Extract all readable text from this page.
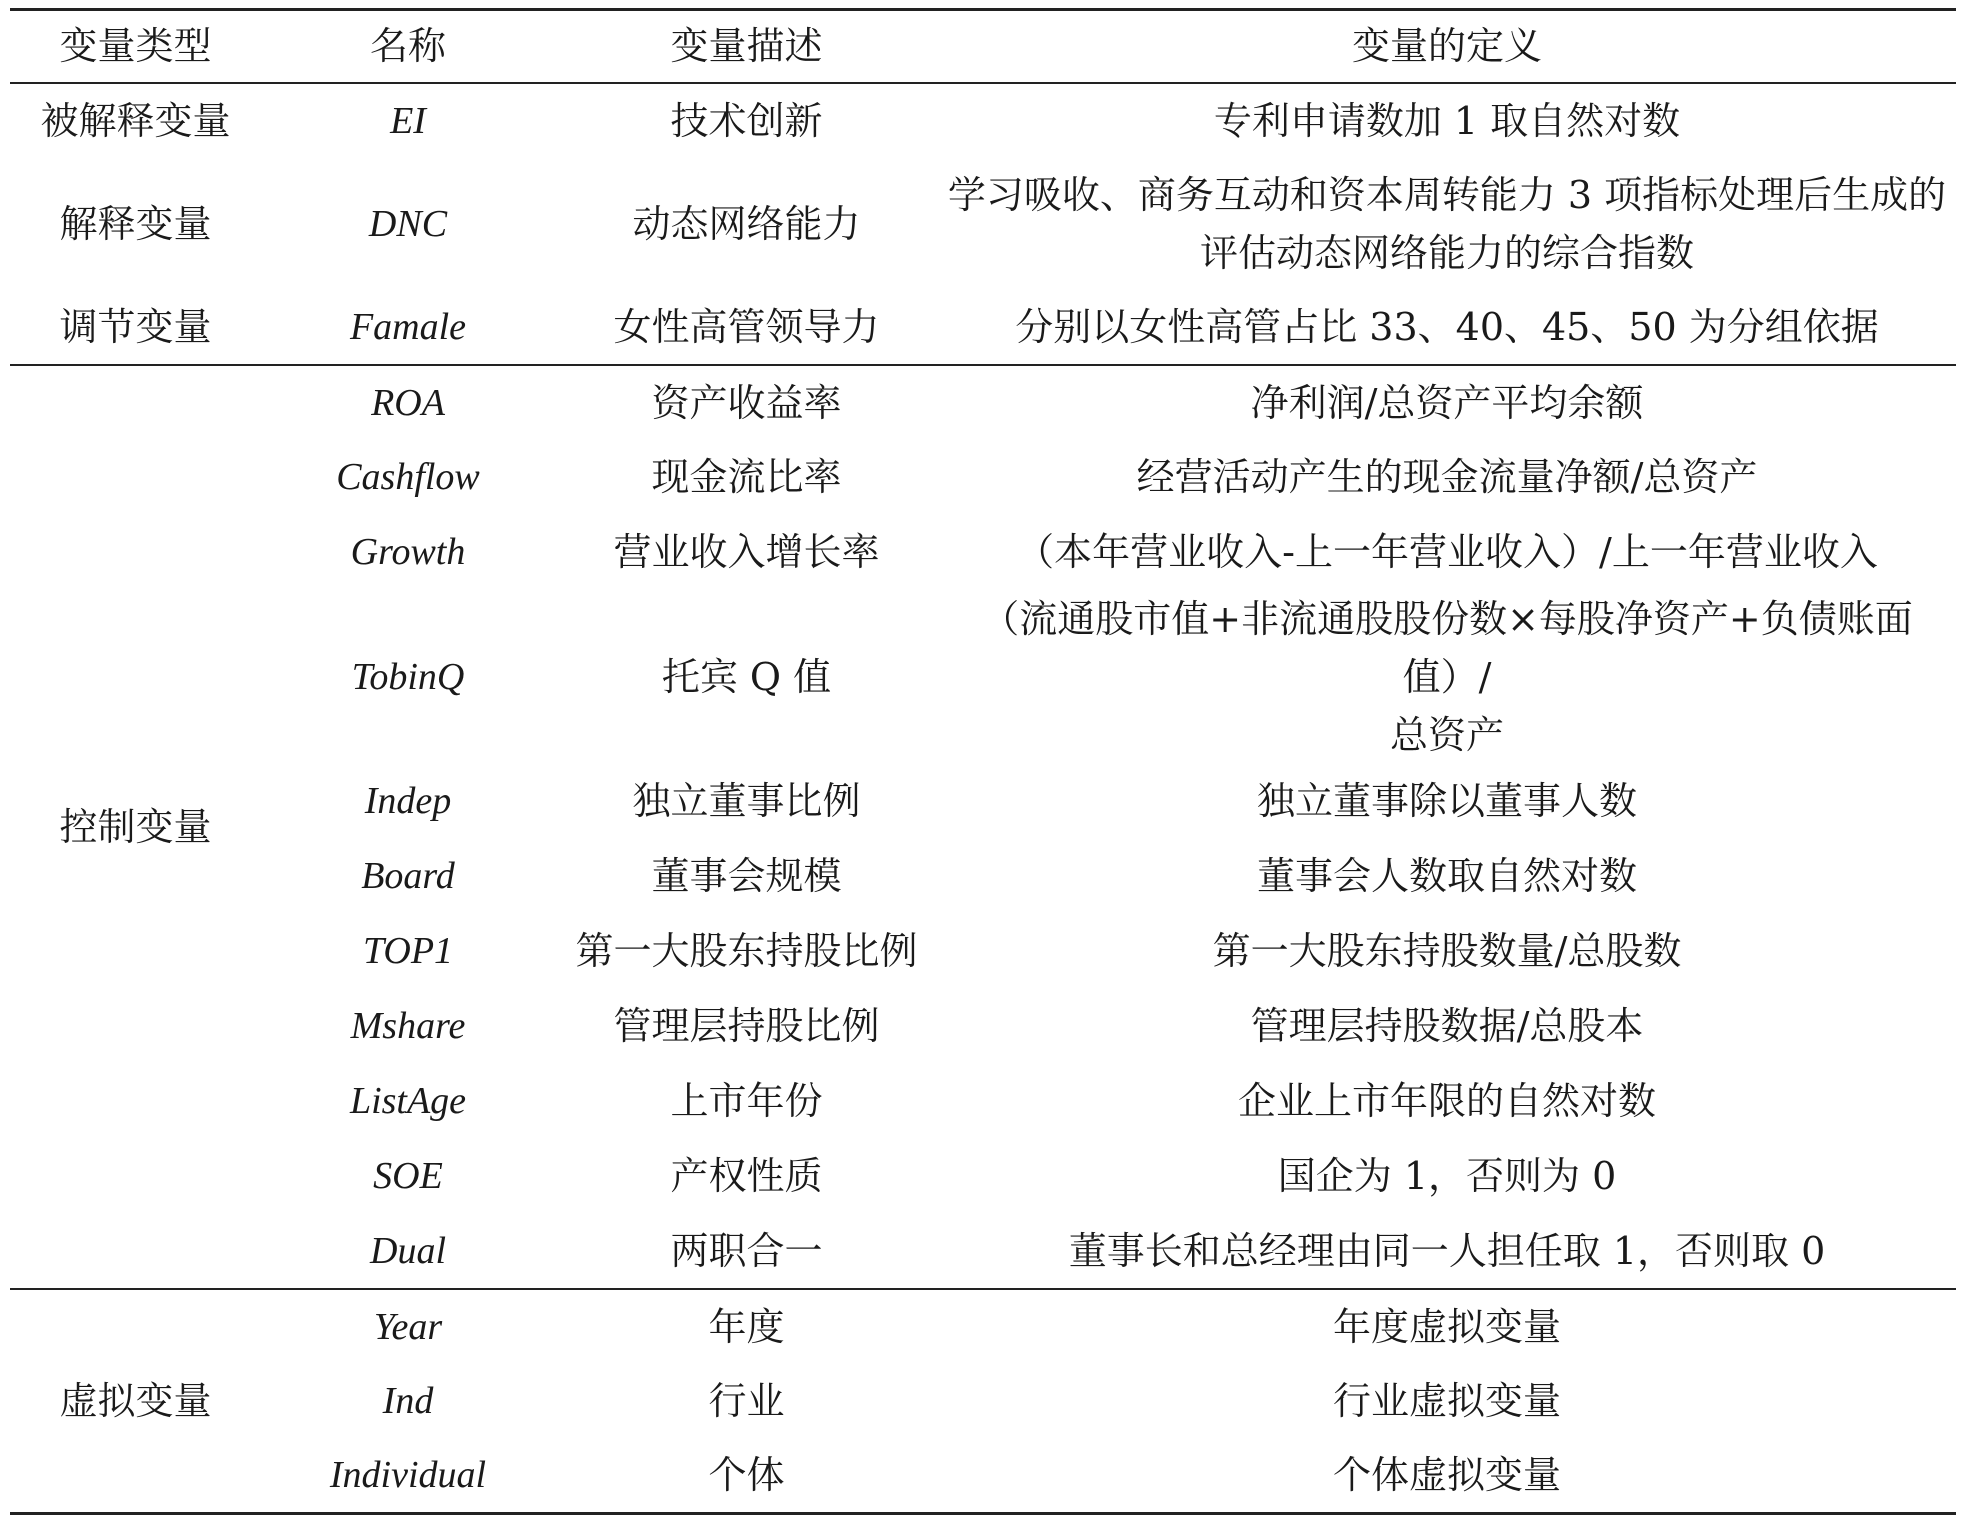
变量类型	名称	变量描述	变量的定义
被解释变量	EI	技术创新	专利申请数加 1 取自然对数
解释变量	DNC	动态网络能力	学习吸收、商务互动和资本周转能力 3 项指标处理后生成的
评估动态网络能力的综合指数

调节变量	Famale	女性高管领导力	分别以女性高管占比 33、40、45、50 为分组依据
控制变量	ROA	资产收益率	净利润/总资产平均余额
	Cashflow	现金流比率	经营活动产生的现金流量净额/总资产
	Growth	营业收入增长率	（本年营业收入-上一年营业收入）/上一年营业收入
	TobinQ	托宾 Q 值	（流通股市值+非流通股股份数×每股净资产+负债账面值）/
总资产

	Indep	独立董事比例	独立董事除以董事人数
	Board	董事会规模	董事会人数取自然对数
	TOP1	第一大股东持股比例	第一大股东持股数量/总股数
	Mshare	管理层持股比例	管理层持股数据/总股本
	ListAge	上市年份	企业上市年限的自然对数
	SOE	产权性质	国企为 1，否则为 0
	Dual	两职合一	董事长和总经理由同一人担任取 1，否则取 0
虚拟变量	Year	年度	年度虚拟变量
	Ind	行业	行业虚拟变量
	Individual	个体	个体虚拟变量
